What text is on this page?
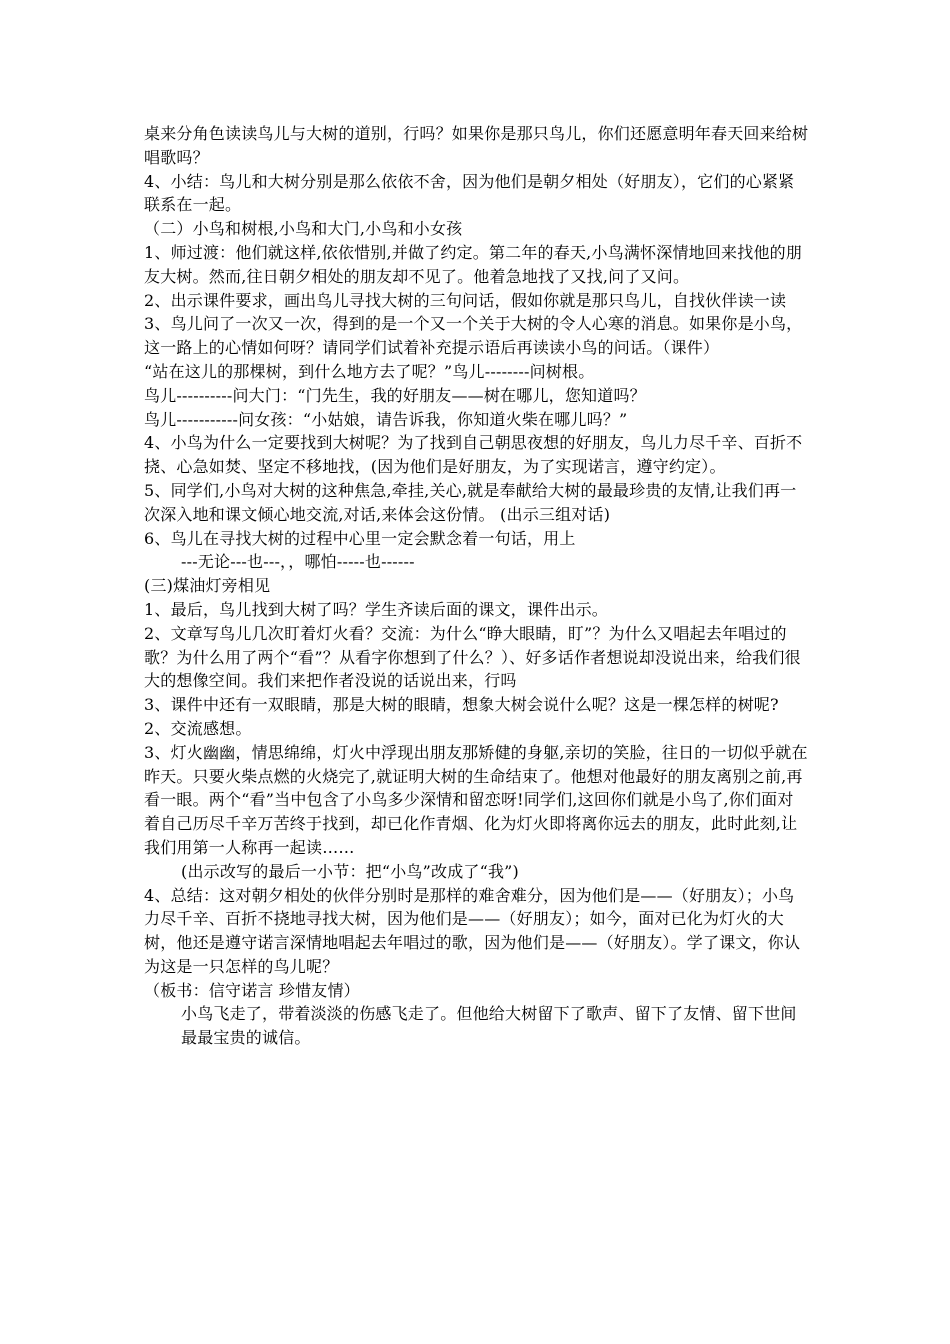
桌来分角色读读鸟儿与大树的道别，行吗？如果你是那只鸟儿，你们还愿意明年春天回来给树唱歌吗？

4、小结：鸟儿和大树分别是那么依依不舍，因为他们是朝夕相处（好朋友），它们的心紧紧联系在一起。

（二）小鸟和树根,小鸟和大门,小鸟和小女孩

1、师过渡：他们就这样,依依惜别,并做了约定。第二年的春天,小鸟满怀深情地回来找他的朋友大树。然而,往日朝夕相处的朋友却不见了。他着急地找了又找,问了又问。

2、出示课件要求，画出鸟儿寻找大树的三句问话，假如你就是那只鸟儿，自找伙伴读一读

3、鸟儿问了一次又一次，得到的是一个又一个关于大树的令人心寒的消息。如果你是小鸟，这一路上的心情如何呀？请同学们试着补充提示语后再读读小鸟的问话。（课件）

“站在这儿的那棵树，到什么地方去了呢？”鸟儿--------问树根。

鸟儿----------问大门：“门先生，我的好朋友——树在哪儿，您知道吗？

鸟儿-----------问女孩：“小姑娘，请告诉我，你知道火柴在哪儿吗？”

4、小鸟为什么一定要找到大树呢？为了找到自己朝思夜想的好朋友，鸟儿力尽千辛、百折不挠、心急如焚、坚定不移地找，(因为他们是好朋友，为了实现诺言，遵守约定）。

5、同学们,小鸟对大树的这种焦急,牵挂,关心,就是奉献给大树的最最珍贵的友情,让我们再一次深入地和课文倾心地交流,对话,来体会这份情。 (出示三组对话)

6、鸟儿在寻找大树的过程中心里一定会默念着一句话，用上

---无论---也---，，哪怕-----也------

(三)煤油灯旁相见

1、最后，鸟儿找到大树了吗？学生齐读后面的课文，课件出示。

2、文章写鸟儿几次盯着灯火看？交流：为什么“睁大眼睛，盯”？为什么又唱起去年唱过的歌？为什么用了两个“看”？从看字你想到了什么？）、好多话作者想说却没说出来，给我们很大的想像空间。我们来把作者没说的话说出来，行吗

3、课件中还有一双眼睛，那是大树的眼睛，想象大树会说什么呢？这是一棵怎样的树呢?

2、交流感想。

3、灯火幽幽，情思绵绵，灯火中浮现出朋友那矫健的身躯,亲切的笑脸，往日的一切似乎就在昨天。只要火柴点燃的火烧完了,就证明大树的生命结束了。他想对他最好的朋友离别之前,再看一眼。两个“看”当中包含了小鸟多少深情和留恋呀!同学们,这回你们就是小鸟了,你们面对着自己历尽千辛万苦终于找到，却已化作青烟、化为灯火即将离你远去的朋友，此时此刻,让我们用第一人称再一起读……

(出示改写的最后一小节：把“小鸟”改成了“我”)

4、总结：这对朝夕相处的伙伴分别时是那样的难舍难分，因为他们是——（好朋友）；小鸟力尽千辛、百折不挠地寻找大树，因为他们是——（好朋友）；如今，面对已化为灯火的大树，他还是遵守诺言深情地唱起去年唱过的歌，因为他们是——（好朋友）。学了课文，你认为这是一只怎样的鸟儿呢？

（板书：信守诺言 珍惜友情）

小鸟飞走了，带着淡淡的伤感飞走了。但他给大树留下了歌声、留下了友情、留下世间最最宝贵的诚信。
